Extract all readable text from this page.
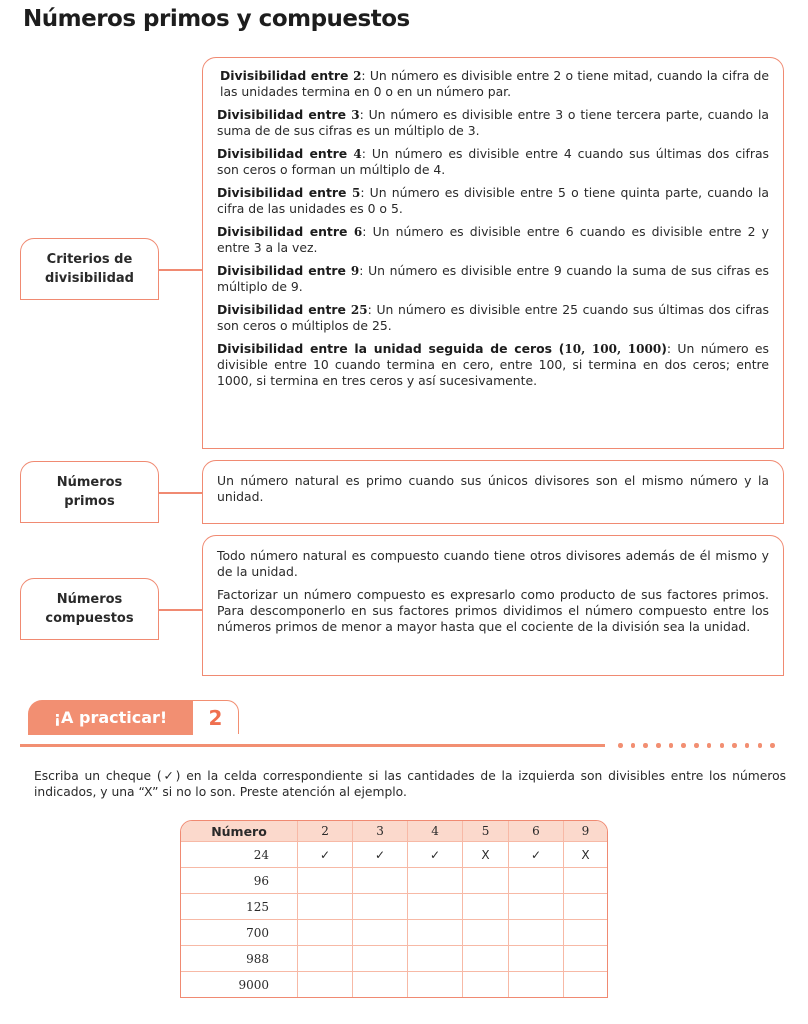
Números primos y compuestos
Criterios de
divisibilidad

Divisibilidad entre 2: Un número es divisible entre 2 o tiene mitad, cuando la cifra de las unidades termina en 0 o en un número par.

Divisibilidad entre 3: Un número es divisible entre 3 o tiene tercera parte, cuando la suma de de sus cifras es un múltiplo de 3.

Divisibilidad entre 4: Un número es divisible entre 4 cuando sus últimas dos cifras son ceros o forman un múltiplo de 4.

Divisibilidad entre 5: Un número es divisible entre 5 o tiene quinta parte, cuando la cifra de las unidades es 0 o 5.

Divisibilidad entre 6: Un número es divisible entre 6 cuando es divisible entre 2 y entre 3 a la vez.

Divisibilidad entre 9: Un número es divisible entre 9 cuando la suma de sus cifras es múltiplo de 9.

Divisibilidad entre 25: Un número es divisible entre 25 cuando sus últimas dos cifras son ceros o múltiplos de 25.

Divisibilidad entre la unidad seguida de ceros (10, 100, 1000): Un número es divisible entre 10 cuando termina en cero, entre 100, si termina en dos ceros; entre 1000, si termina en tres ceros y así sucesivamente.

Números
primos

Un número natural es primo cuando sus únicos divisores son el mismo número y la unidad.

Números
compuestos

Todo número natural es compuesto cuando tiene otros divisores además de él mismo y de la unidad.

Factorizar un número compuesto es expresarlo como producto de sus factores primos. Para descomponerlo en sus factores primos dividimos el número compuesto entre los números primos de menor a mayor hasta que el cociente de la división sea la unidad.

¡A practicar!	2
Escriba un cheque (✓) en la celda correspondiente si las cantidades de la izquierda son divisibles entre los números indicados, y una “X” si no lo son. Preste atención al ejemplo.
Número	2	3	4	5	6	9
24	✓	✓	✓	X	✓	X
96						
125						
700						
988						
9000						
